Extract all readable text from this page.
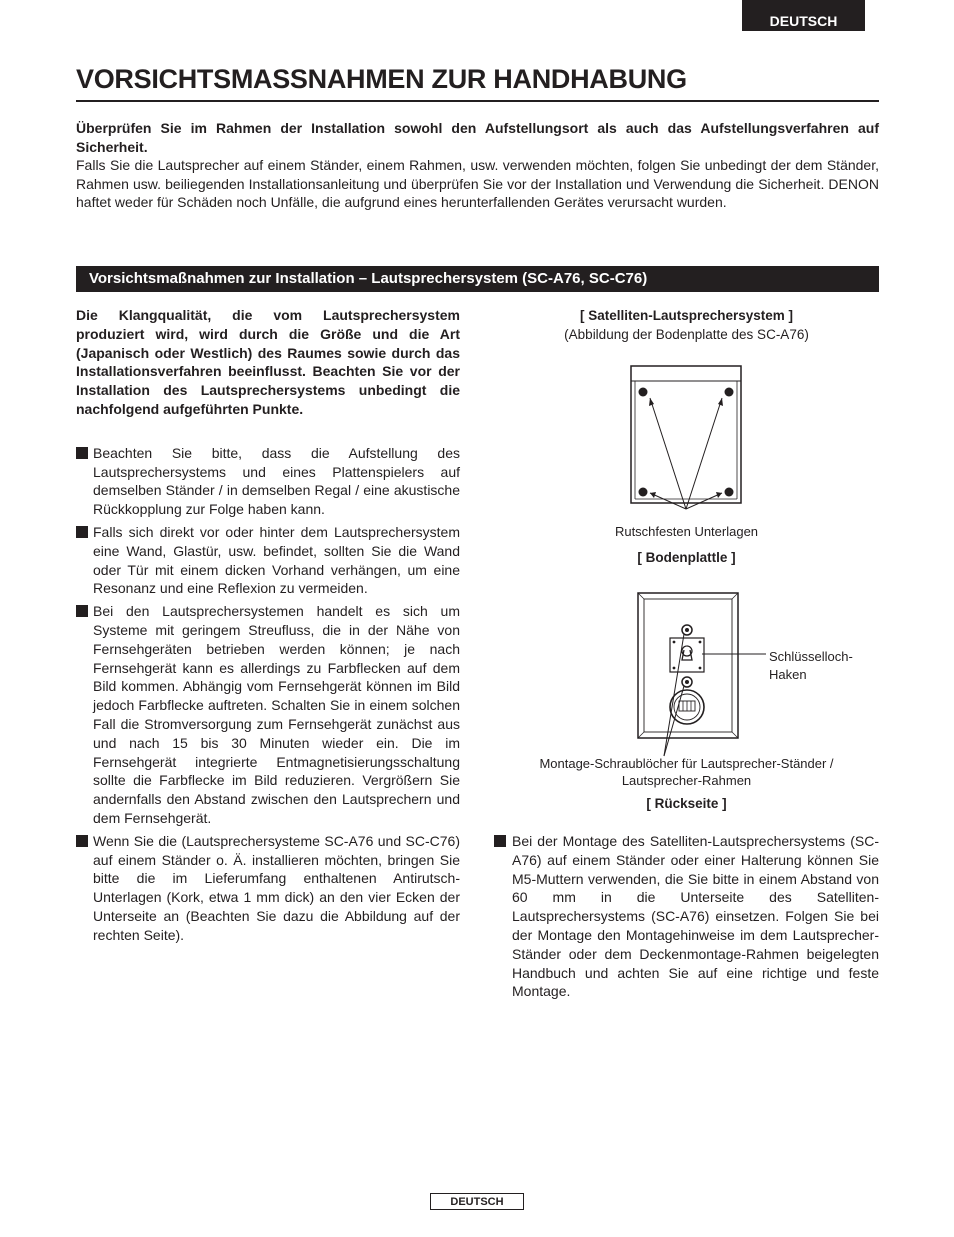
DEUTSCH
VORSICHTSMASSNAHMEN ZUR HANDHABUNG

Überprüfen Sie im Rahmen der Installation sowohl den Aufstellungsort als auch das Aufstellungsverfahren auf Sicherheit.

Falls Sie die Lautsprecher auf einem Ständer, einem Rahmen, usw. verwenden möchten, folgen Sie unbedingt der dem Ständer, Rahmen usw. beiliegenden Installationsanleitung und überprüfen Sie vor der Installation und Verwendung die Sicherheit. DENON haftet weder für Schäden noch Unfälle, die aufgrund eines herunterfallenden Gerätes verursacht wurden.

Vorsichtsmaßnahmen zur Installation – Lautsprechersystem (SC-A76, SC-C76)

Die Klangqualität, die vom Lautsprechersystem produziert wird, wird durch die Größe und die Art (Japanisch oder Westlich) des Raumes sowie durch das Installationsverfahren beeinflusst. Beachten Sie vor der Installation des Lautsprechersystems unbedingt die nachfolgend aufgeführten Punkte.

Beachten Sie bitte, dass die Aufstellung des Lautsprechersystems und eines Plattenspielers auf demselben Ständer / in demselben Regal / eine akustische Rückkopplung zur Folge haben kann.
Falls sich direkt vor oder hinter dem Lautsprechersystem eine Wand, Glastür, usw. befindet, sollten Sie die Wand oder Tür mit einem dicken Vorhand verhängen, um eine Resonanz und eine Reflexion zu vermeiden.
Bei den Lautsprechersystemen handelt es sich um Systeme mit geringem Streufluss, die in der Nähe von Fernsehgeräten betrieben werden können; je nach Fernsehgerät kann es allerdings zu Farbflecken auf dem Bild kommen. Abhängig vom Fernsehgerät können im Bild jedoch Farbflecke auftreten. Schalten Sie in einem solchen Fall die Stromversorgung zum Fernsehgerät zunächst aus und nach 15 bis 30 Minuten wieder ein. Die im Fernsehgerät integrierte Entmagnetisierungsschaltung sollte die Farbflecke im Bild reduzieren. Vergrößern Sie andernfalls den Abstand zwischen den Lautsprechern und dem Fernsehgerät.
Wenn Sie die (Lautsprechersysteme SC-A76 und SC-C76) auf einem Ständer o. Ä. installieren möchten, bringen Sie bitte die im Lieferumfang enthaltenen Antirutsch-Unterlagen (Kork, etwa 1 mm dick) an den vier Ecken der Unterseite an (Beachten Sie dazu die Abbildung auf der rechten Seite).
[ Satelliten-Lautsprechersystem ]
(Abbildung der Bodenplatte des SC-A76)
Rutschfesten Unterlagen
[ Bodenplattle ]
Schlüsselloch-
Haken
Montage-Schraublöcher für Lautsprecher-Ständer /
Lautsprecher-Rahmen
[ Rückseite ]
Bei der Montage des Satelliten-Lautsprechersystems (SC-A76) auf einem Ständer oder einer Halterung können Sie M5-Muttern verwenden, die Sie bitte in einem Abstand von 60 mm in die Unterseite des Satelliten-Lautsprechersystems (SC-A76) einsetzen. Folgen Sie bei der Montage den Montagehinweise im dem Lautsprecher-Ständer oder dem Deckenmontage-Rahmen beigelegten Handbuch und achten Sie auf eine richtige und feste Montage.
DEUTSCH
